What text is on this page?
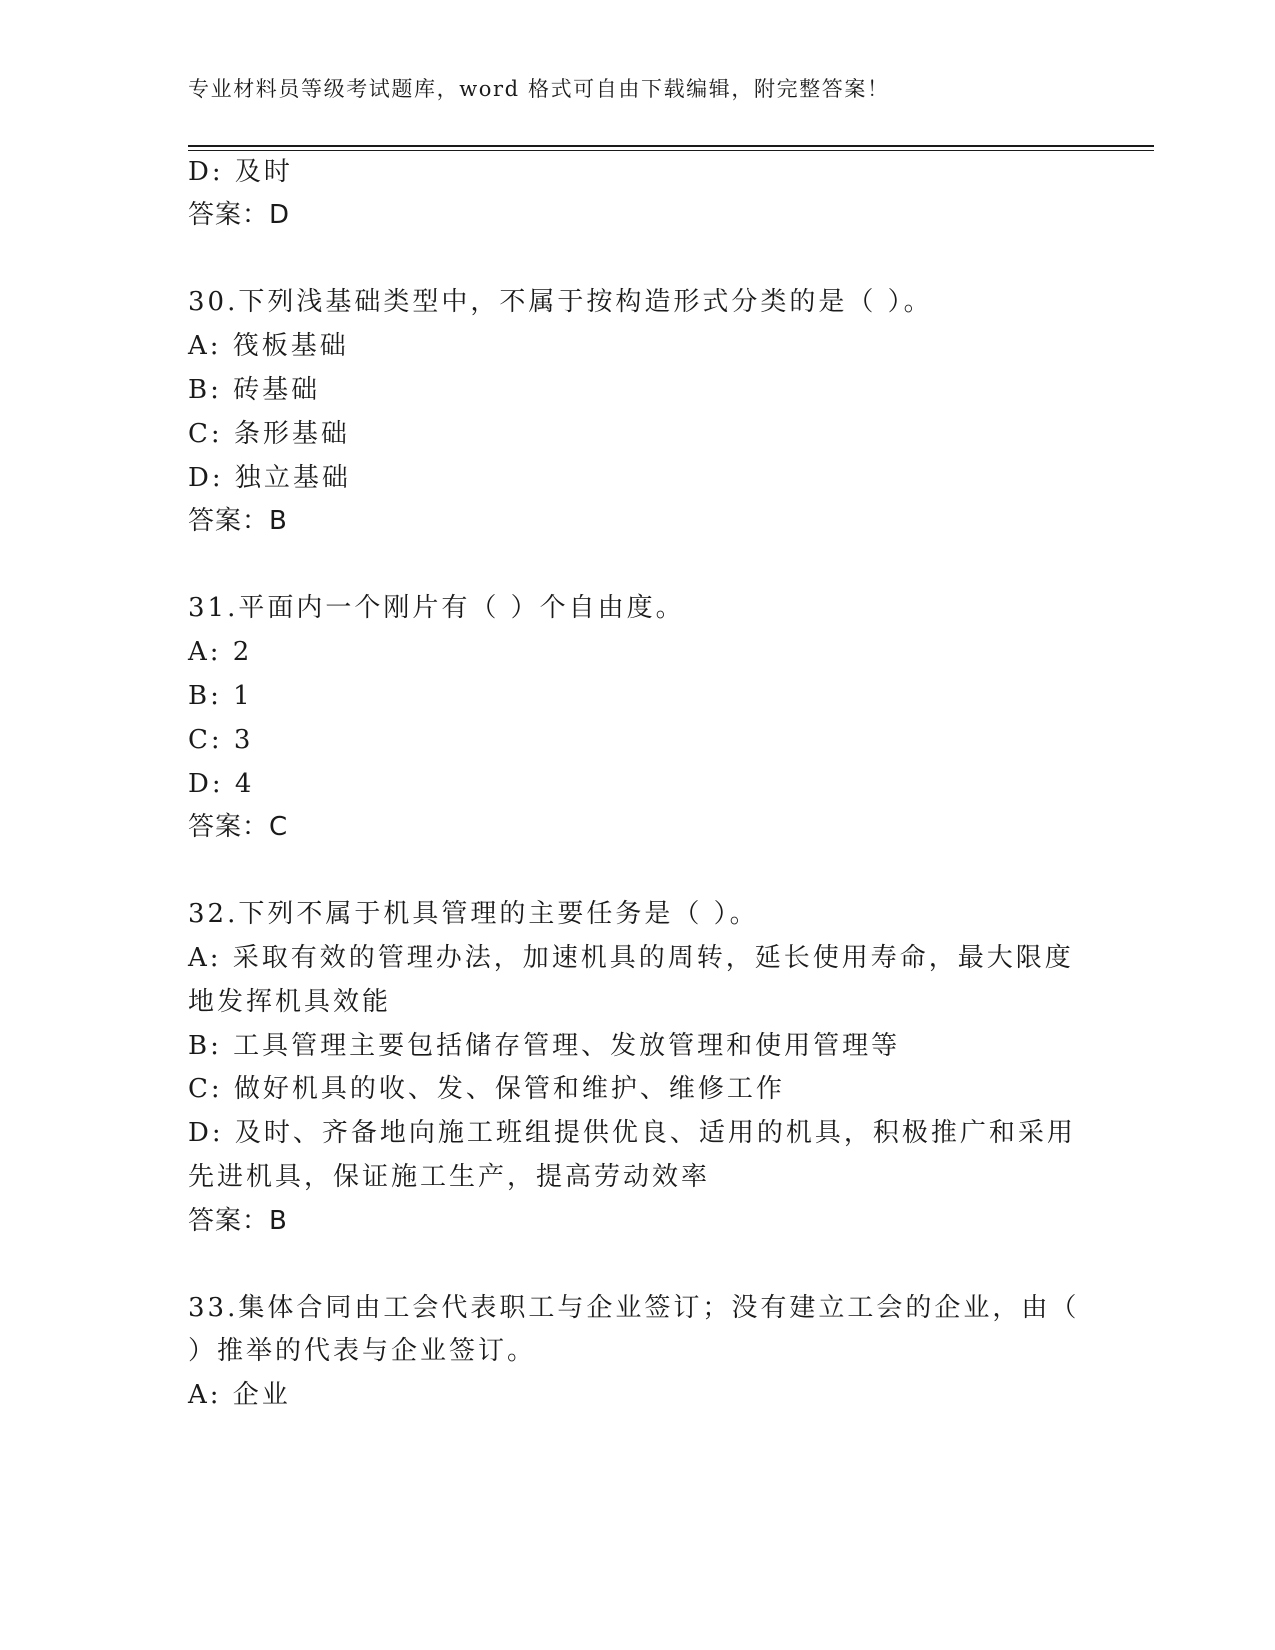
专业材料员等级考试题库，word 格式可自由下载编辑，附完整答案！
D: 及时
答案：D
30.下列浅基础类型中，不属于按构造形式分类的是（ ）。
A: 筏板基础
B: 砖基础
C: 条形基础
D: 独立基础
答案：B
31.平面内一个刚片有（ ）个自由度。
A: 2
B: 1
C: 3
D: 4
答案：C
32.下列不属于机具管理的主要任务是（ ）。
A: 采取有效的管理办法，加速机具的周转，延长使用寿命，最大限度
地发挥机具效能
B: 工具管理主要包括储存管理、发放管理和使用管理等
C: 做好机具的收、发、保管和维护、维修工作
D: 及时、齐备地向施工班组提供优良、适用的机具，积极推广和采用
先进机具，保证施工生产，提高劳动效率
答案：B
33.集体合同由工会代表职工与企业签订；没有建立工会的企业，由（
）推举的代表与企业签订。
A: 企业
